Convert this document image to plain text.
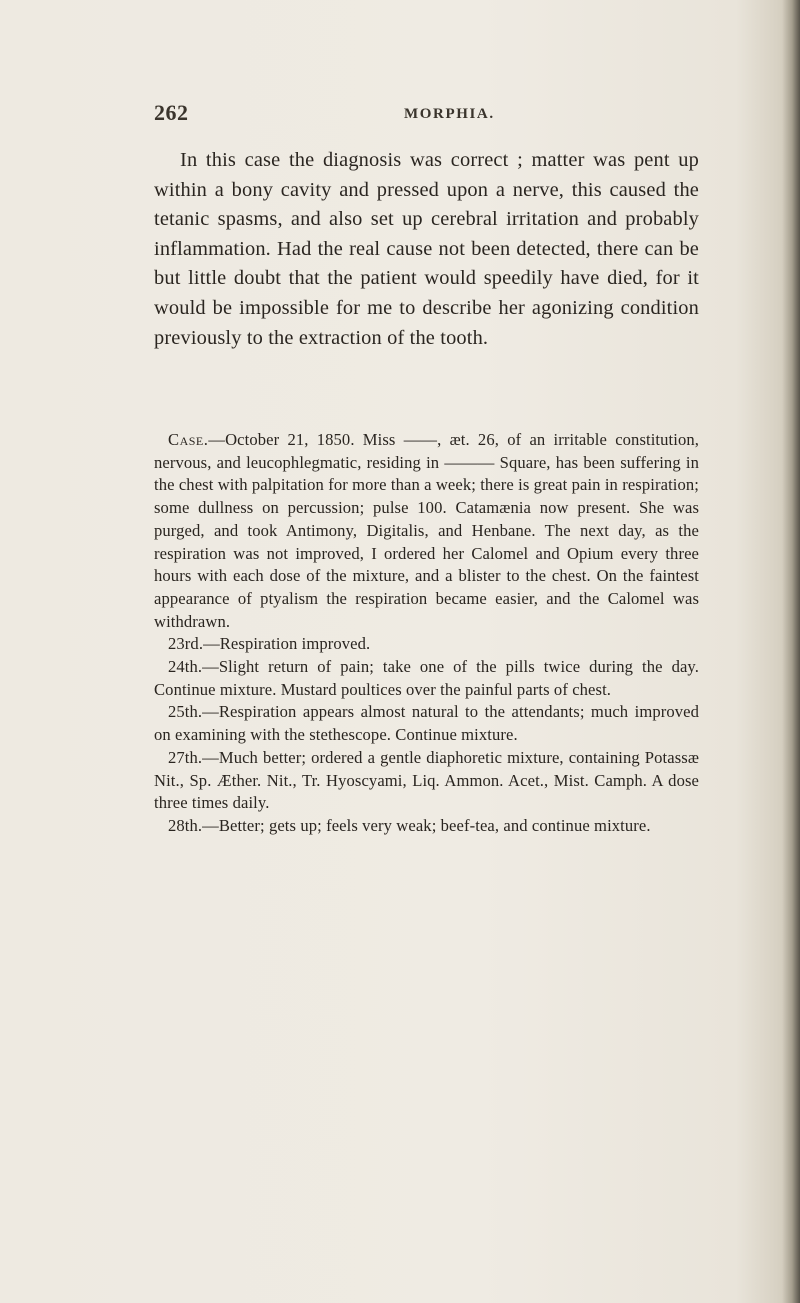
262	MORPHIA.

In this case the diagnosis was correct ; matter was pent up within a bony cavity and pressed upon a nerve, this caused the tetanic spasms, and also set up cerebral irritation and probably inflammation. Had the real cause not been detected, there can be but little doubt that the patient would speedily have died, for it would be impossible for me to describe her agonizing condition previously to the extraction of the tooth.

Case.—October 21, 1850. Miss ——, æt. 26, of an irritable constitution, nervous, and leucophlegmatic, residing in ——— Square, has been suffering in the chest with palpitation for more than a week; there is great pain in respiration; some dullness on percussion; pulse 100. Catamænia now present. She was purged, and took Antimony, Digitalis, and Henbane. The next day, as the respiration was not improved, I ordered her Calomel and Opium every three hours with each dose of the mixture, and a blister to the chest. On the faintest appearance of ptyalism the respiration became easier, and the Calomel was withdrawn.

23rd.—Respiration improved.

24th.—Slight return of pain; take one of the pills twice during the day. Continue mixture. Mustard poultices over the painful parts of chest.

25th.—Respiration appears almost natural to the attendants; much improved on examining with the stethescope. Continue mixture.

27th.—Much better; ordered a gentle diaphoretic mixture, containing Potassæ Nit., Sp. Æther. Nit., Tr. Hyoscyami, Liq. Ammon. Acet., Mist. Camph. A dose three times daily.

28th.—Better; gets up; feels very weak; beef-tea, and continue mixture.
